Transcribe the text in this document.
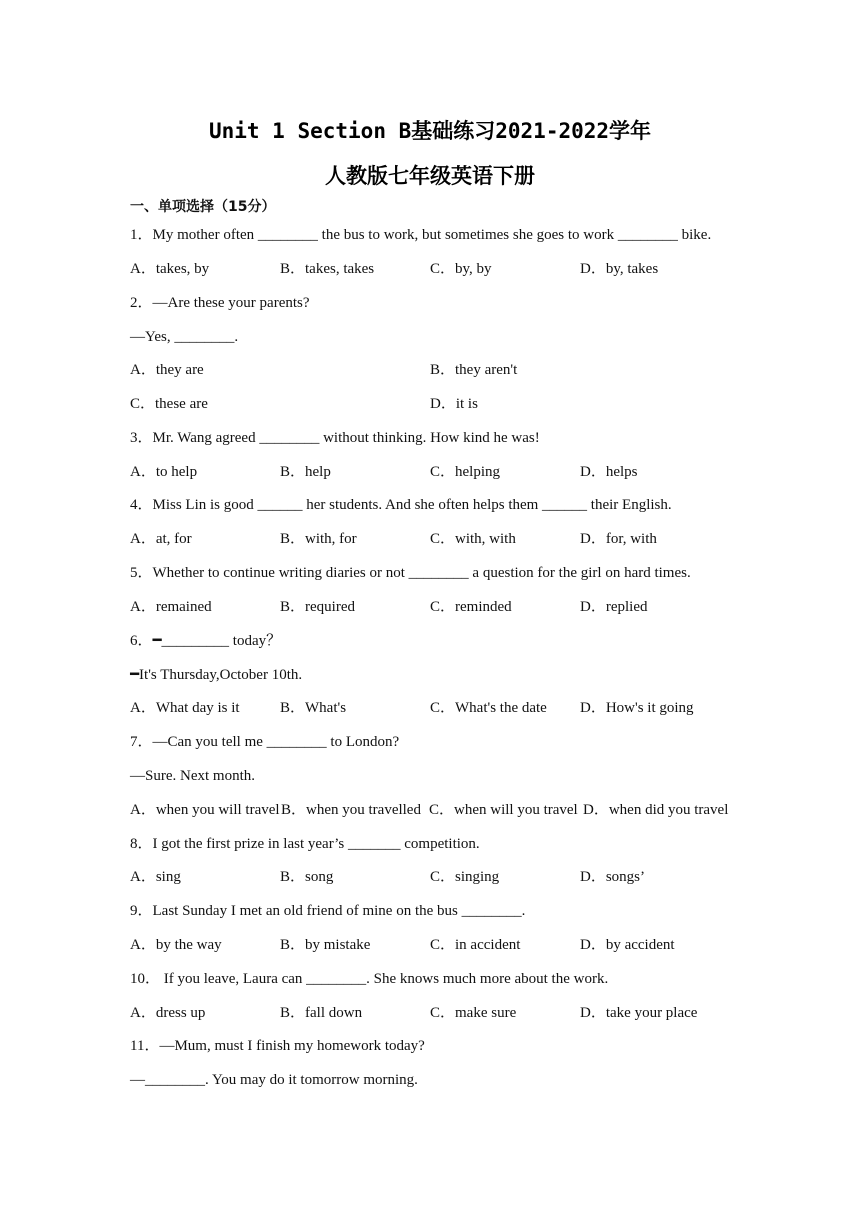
Unit 1 Section B基础练习2021-2022学年
人教版七年级英语下册
一、单项选择（15分）
1．My mother often ________ the bus to work, but sometimes she goes to work ________ bike.
A．takes, by	B．takes, takes	C．by, by	D．by, takes
2．—Are these your parents?
—Yes, ________.
A．they are	B．they aren't
C．these are	D．it is
3．Mr. Wang agreed ________ without thinking. How kind he was!
A．to help	B．help	C．helping	D．helps
4．Miss Lin is good ______ her students. And she often helps them ______ their English.
A．at, for	B．with, for	C．with, with	D．for, with
5．Whether to continue writing diaries or not ________ a question for the girl on hard times.
A．remained	B．required	C．reminded	D．replied
6．━_________ today？
━It's Thursday,October 10th.
A．What day is it	B．What's	C．What's the date D．How's it going
7．—Can you tell me ________ to London?
—Sure. Next month.
A．when you will travel B．when you travelled C．when will you travel D．when did you travel
8．I got the first prize in last year’s _______ competition.
A．sing	B．song	C．singing	D．songs’
9．Last Sunday I met an old friend of mine on the bus ________.
A．by the way	B．by mistake	C．in accident	D．by accident
10． If you leave, Laura can ________. She knows much more about the work.
A．dress up	B．fall down	C．make sure	D．take your place
11．—Mum, must I finish my homework today?
—________. You may do it tomorrow morning.
